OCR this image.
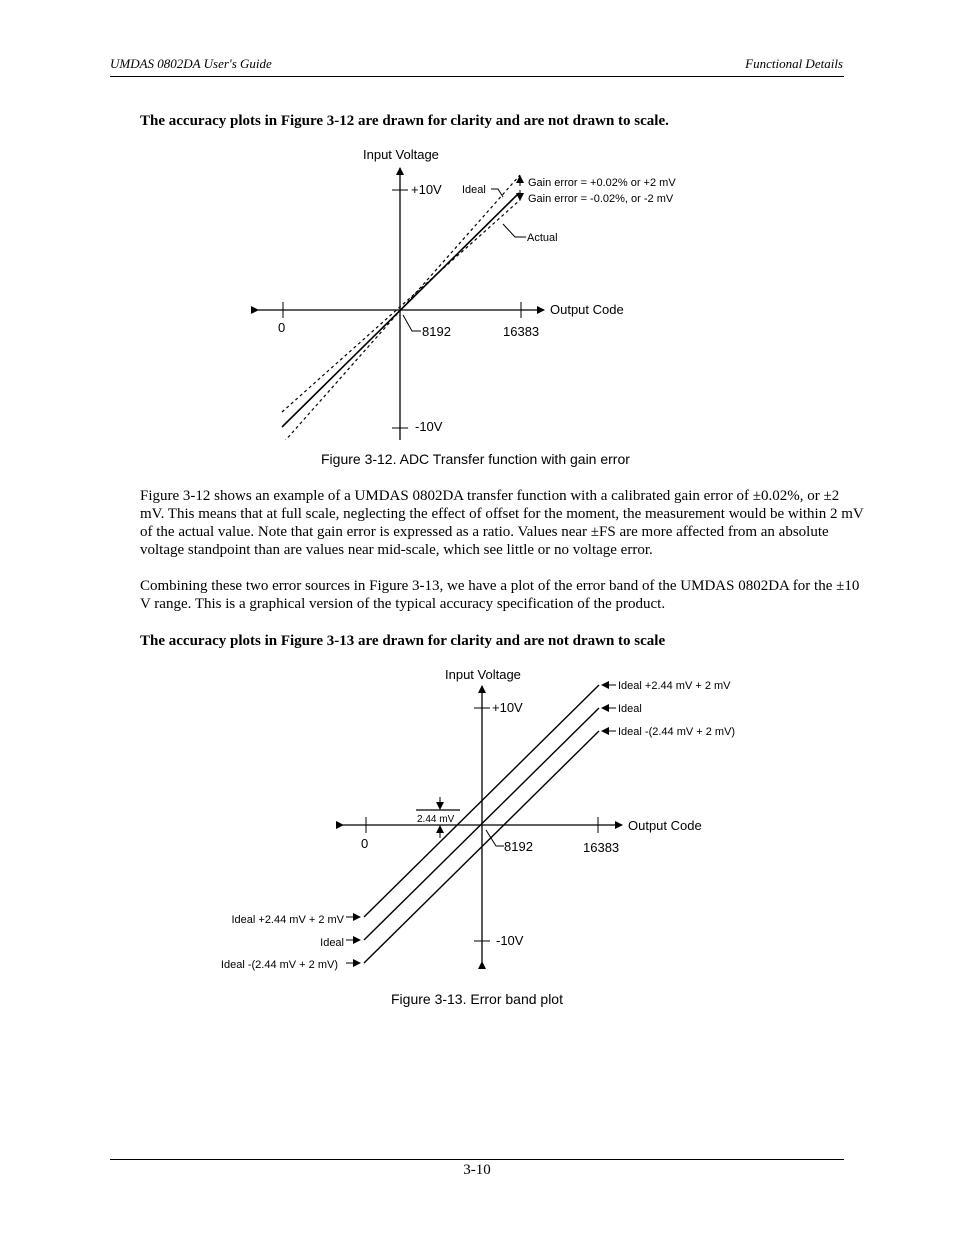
UMDAS 0802DA User's Guide	Functional Details
The accuracy plots in Figure 3-12 are drawn for clarity and are not drawn to scale.
Input Voltage
+10V
-10V
Ideal
Gain error = +0.02% or +2 mV
Gain error = -0.02%, or -2 mV
Actual
Output Code
0	8192	16383
Figure 3-12. ADC Transfer function with gain error

Figure 3-12 shows an example of a UMDAS 0802DA transfer function with a calibrated gain error of ±0.02%, or ±2 mV. This means that at full scale, neglecting the effect of offset for the moment, the measurement would be within 2 mV of the actual value. Note that gain error is expressed as a ratio. Values near ±FS are more affected from an absolute voltage standpoint than are values near mid-scale, which see little or no voltage error.

Combining these two error sources in Figure 3-13, we have a plot of the error band of the UMDAS 0802DA for the ±10 V range. This is a graphical version of the typical accuracy specification of the product.

The accuracy plots in Figure 3-13 are drawn for clarity and are not drawn to scale
Input Voltage
+10V
-10V
Ideal +2.44 mV + 2 mV
Ideal
Ideal -(2.44 mV + 2 mV)
2.44 mV	Output Code
0	8192	16383
Ideal +2.44 mV + 2 mV
Ideal
Ideal -(2.44 mV + 2 mV)
Figure 3-13. Error band plot
3-10
